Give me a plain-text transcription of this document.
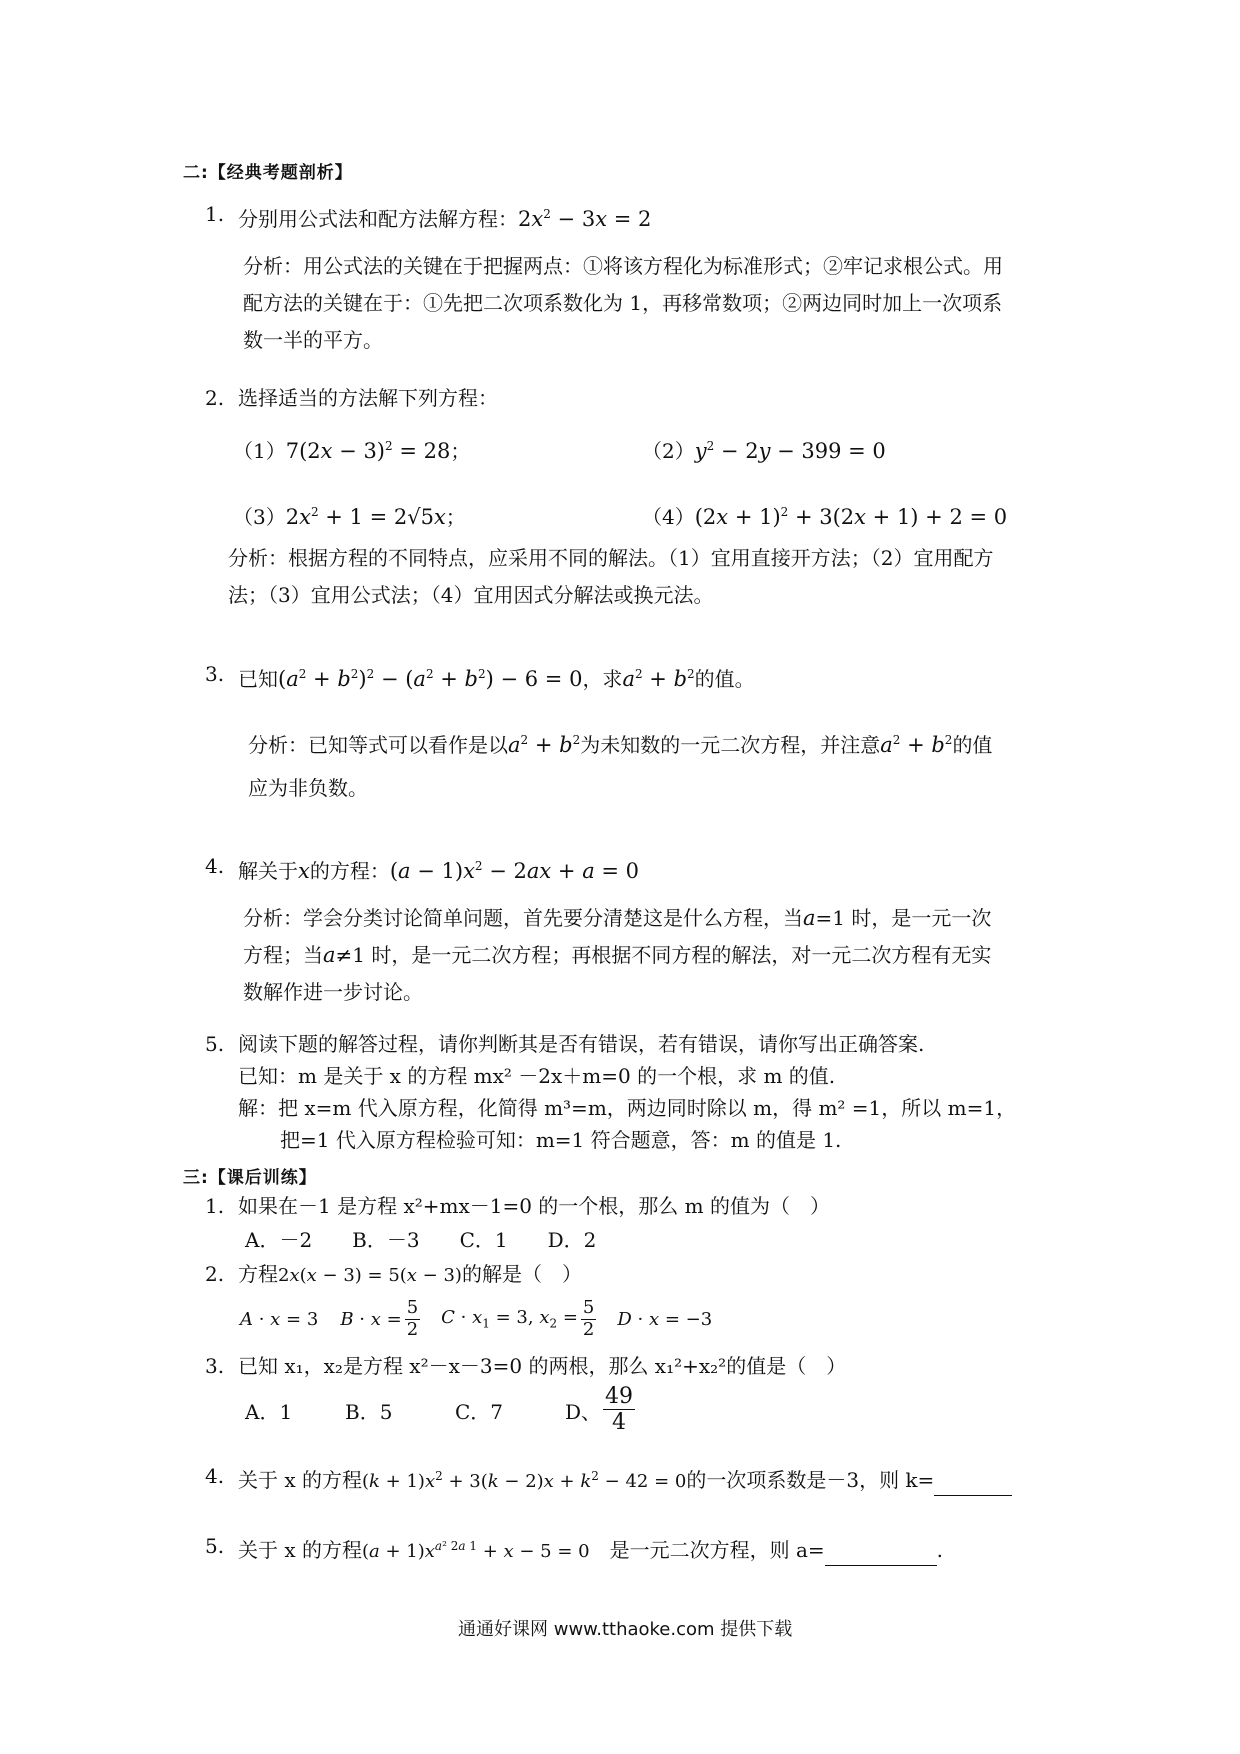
二:【经典考题剖析】
1. 分别用公式法和配方法解方程：$2x^2 - 3x = 2$
分析：用公式法的关键在于把握两点：①将该方程化为标准形式；②牢记求根公式。用
配方法的关键在于：①先把二次项系数化为 1，再移常数项；②两边同时加上一次项系
数一半的平方。
2. 选择适当的方法解下列方程：
$(1)7(2x - 3)^2 = 28$；	$(2)y^2 - 2y - 399 = 0$
$(3)2x^2 + 1 = 2√5x$；	$(4)(2x + 1)^2 + 3(2x + 1) + 2 = 0$
分析：根据方程的不同特点，应采用不同的解法。（1）宜用直接开方法；（2）宜用配方
法；（3）宜用公式法；（4）宜用因式分解法或换元法。
3. 已知$(a^2 + b^2)^2 - (a^2 + b^2) - 6 = 0$，求$a^2 + b^2$的值。
分析：已知等式可以看作是以$a^2 + b^2$为未知数的一元二次方程，并注意$a^2 + b^2$的值
应为非负数。
4. 解关于x的方程：$(a - 1)x^2 - 2ax + a = 0$
分析：学会分类讨论简单问题，首先要分清楚这是什么方程，当a=1 时，是一元一次
方程；当a≠1 时，是一元二次方程；再根据不同方程的解法，对一元二次方程有无实
数解作进一步讨论。
5. 阅读下题的解答过程，请你判断其是否有错误，若有错误，请你写出正确答案.
已知：m 是关于 x 的方程 mx² －2x＋m=0 的一个根，求 m 的值.
解：把 x=m 代入原方程，化简得 m³=m，两边同时除以 m，得 m² =1，所以 m=1，
把=1 代入原方程检验可知：m=1 符合题意，答：m 的值是 1.
三:【课后训练】
1. 如果在－1 是方程 x²+mx－1=0 的一个根，那么 m 的值为（　）
A．－2　　B．－3　　C．1　　D．2
2. 方程2x(x − 3) = 5(x − 3)的解是（　）
A · x = 3 $B \cdot x = \frac{5}{2}$ $C \cdot x_1 = 3$, $x_2 = \frac{5}{2}$ D · x = −3
3. 已知 x₁，x₂是方程 x²－x－3=0 的两根，那么 x₁²+x₂²的值是（　）
A．1	B．5	C．7	D、 $\frac{49}{4}$
4. 关于 x 的方程$(k + 1)x^2 + 3(k - 2)x + k^2 - 42 = 0$的一次项系数是－3，则 k=
5. 关于 x 的方程$(a + 1)x^{a^2 2a 1} + x - 5 = 0$　是一元二次方程，则 a=	.
通通好课网 www.tthaoke.com 提供下载
